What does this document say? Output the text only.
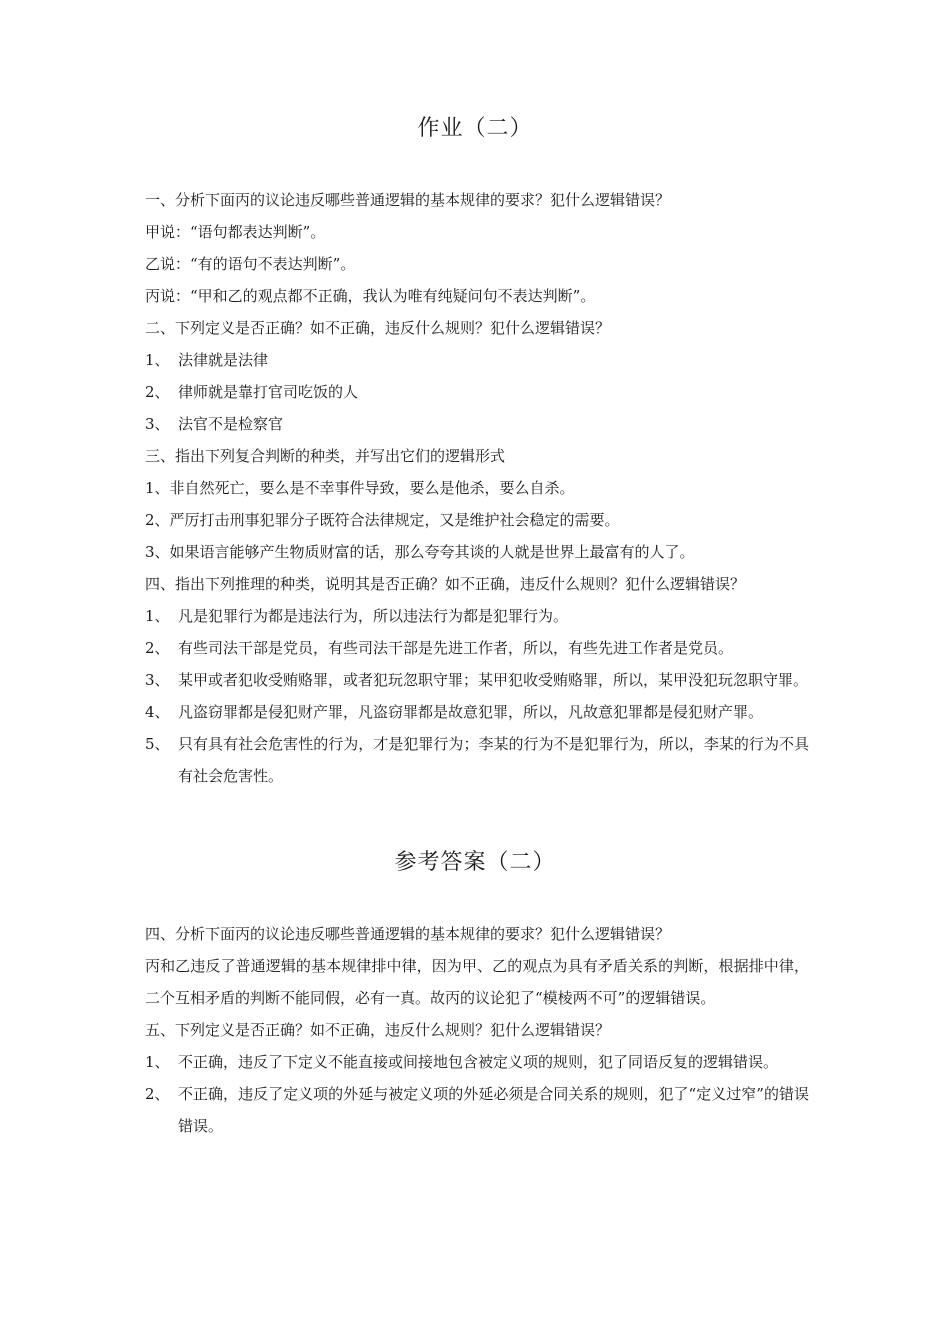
作业（二）
一、分析下面丙的议论违反哪些普通逻辑的基本规律的要求？犯什么逻辑错误？
甲说：“语句都表达判断”。
乙说：“有的语句不表达判断”。
丙说：“甲和乙的观点都不正确，我认为唯有纯疑问句不表达判断”。
二、下列定义是否正确？如不正确，违反什么规则？犯什么逻辑错误？
1、 法律就是法律
2、 律师就是靠打官司吃饭的人
3、 法官不是检察官
三、指出下列复合判断的种类，并写出它们的逻辑形式
1、非自然死亡，要么是不幸事件导致，要么是他杀，要么自杀。
2、严厉打击刑事犯罪分子既符合法律规定，又是维护社会稳定的需要。
3、如果语言能够产生物质财富的话，那么夸夸其谈的人就是世界上最富有的人了。
四、指出下列推理的种类，说明其是否正确？如不正确，违反什么规则？犯什么逻辑错误？
1、 凡是犯罪行为都是违法行为，所以违法行为都是犯罪行为。
2、 有些司法干部是党员，有些司法干部是先进工作者，所以，有些先进工作者是党员。
3、 某甲或者犯收受贿赂罪，或者犯玩忽职守罪；某甲犯收受贿赂罪，所以，某甲没犯玩忽职守罪。
4、 凡盗窃罪都是侵犯财产罪，凡盗窃罪都是故意犯罪，所以，凡故意犯罪都是侵犯财产罪。
5、 只有具有社会危害性的行为，才是犯罪行为；李某的行为不是犯罪行为，所以，李某的行为不具有社会危害性。
参考答案（二）
四、分析下面丙的议论违反哪些普通逻辑的基本规律的要求？犯什么逻辑错误？
丙和乙违反了普通逻辑的基本规律排中律，因为甲、乙的观点为具有矛盾关系的判断，根据排中律，二个互相矛盾的判断不能同假，必有一真。故丙的议论犯了“模棱两不可”的逻辑错误。
五、下列定义是否正确？如不正确，违反什么规则？犯什么逻辑错误？
1、 不正确，违反了下定义不能直接或间接地包含被定义项的规则，犯了同语反复的逻辑错误。
2、 不正确，违反了定义项的外延与被定义项的外延必须是合同关系的规则，犯了“定义过窄”的错误错误。
